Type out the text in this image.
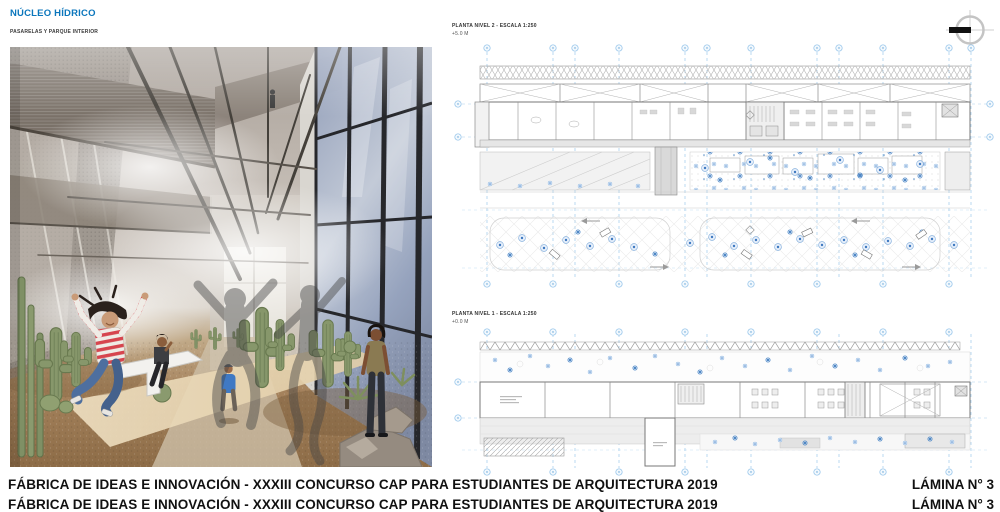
NÚCLEO HÍDRICO
PASARELAS Y PARQUE INTERIOR
PLANTA NIVEL 2 - ESCALA 1:250
+5.0 M
PLANTA NIVEL 1 - ESCALA 1:250
+0.0 M
FÁBRICA DE IDEAS E INNOVACIÓN - XXXIII CONCURSO CAP PARA ESTUDIANTES DE ARQUITECTURA 2019	LÁMINA N° 3
FÁBRICA DE IDEAS E INNOVACIÓN - XXXIII CONCURSO CAP PARA ESTUDIANTES DE ARQUITECTURA 2019	LÁMINA N° 3
